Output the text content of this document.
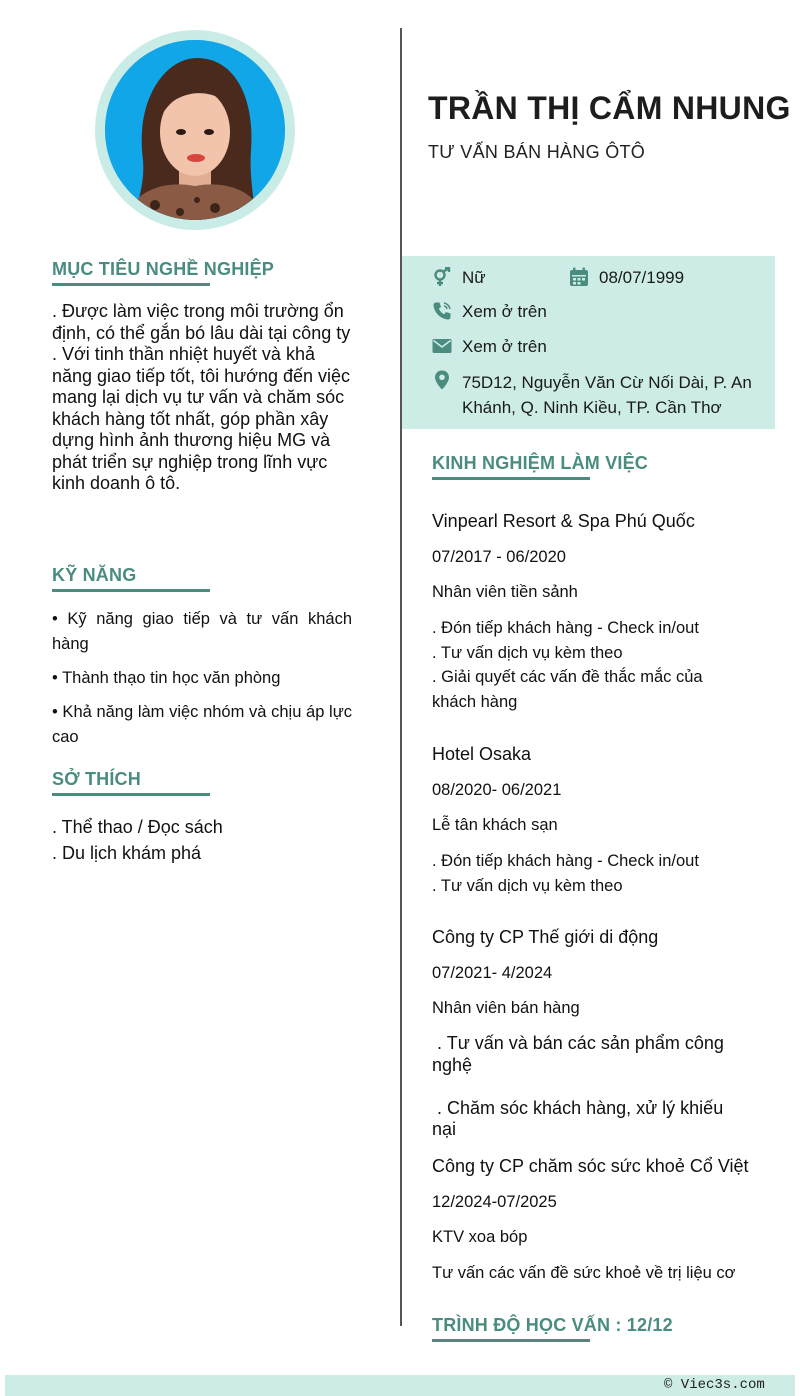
TRẦN THỊ CẨM NHUNG
TƯ VẤN BÁN HÀNG ÔTÔ
MỤC TIÊU NGHỀ NGHIỆP
. Được làm việc trong môi trường ổn định, có thể gắn bó lâu dài tại công ty
. Với tinh thần nhiệt huyết và khả năng giao tiếp tốt, tôi hướng đến việc mang lại dịch vụ tư vấn và chăm sóc khách hàng tốt nhất, góp phần xây dựng hình ảnh thương hiệu MG và phát triển sự nghiệp trong lĩnh vực kinh doanh ô tô.
KỸ NĂNG
• Kỹ năng giao tiếp và tư vấn khách hàng
• Thành thạo tin học văn phòng
• Khả năng làm việc nhóm và chịu áp lực cao
SỞ THÍCH
. Thể thao / Đọc sách
. Du lịch khám phá
Nữ	08/07/1999
Xem ở trên
Xem ở trên
75D12, Nguyễn Văn Cừ Nối Dài, P. An Khánh, Q. Ninh Kiều, TP. Cần Thơ
KINH NGHIỆM LÀM VIỆC
Vinpearl Resort & Spa Phú Quốc
07/2017 - 06/2020
Nhân viên tiền sảnh
. Đón tiếp khách hàng - Check in/out
. Tư vấn dịch vụ kèm theo
. Giải quyết các vấn đề thắc mắc của khách hàng
Hotel Osaka
08/2020- 06/2021
Lễ tân khách sạn
. Đón tiếp khách hàng - Check in/out
. Tư vấn dịch vụ kèm theo
Công ty CP Thế giới di động
07/2021- 4/2024
Nhân viên bán hàng
. Tư vấn và bán các sản phẩm công nghệ

. Chăm sóc khách hàng, xử lý khiếu nại
Công ty CP chăm sóc sức khoẻ Cổ Việt
12/2024-07/2025
KTV xoa bóp
Tư vấn các vấn đề sức khoẻ về trị liệu cơ
TRÌNH ĐỘ HỌC VẤN : 12/12
© Viec3s.com
